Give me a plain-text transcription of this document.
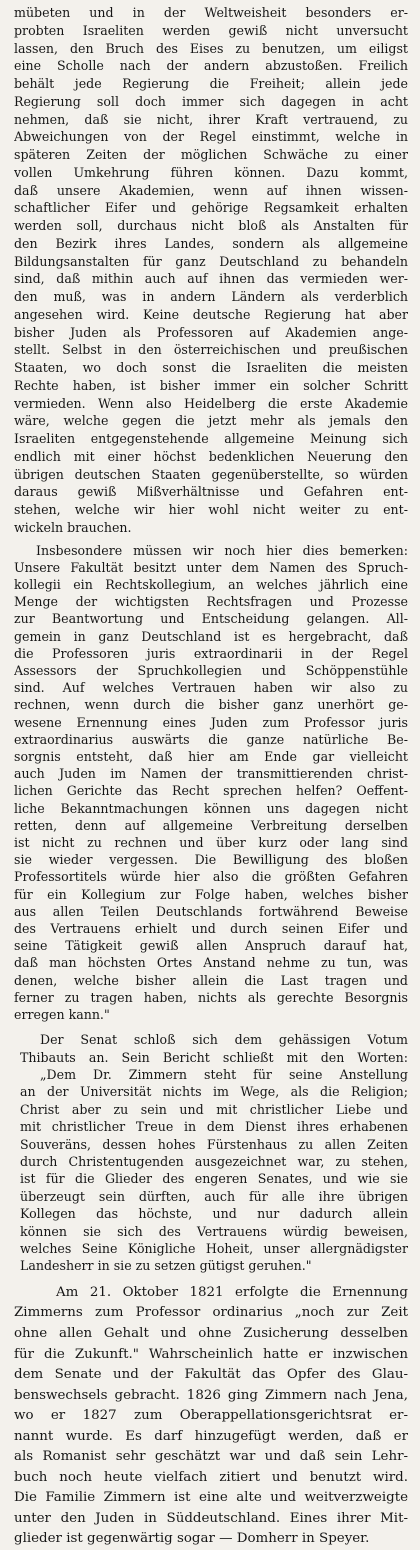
mübeten und in der Weltweisheit besonders er-
probten Israeliten werden gewiß nicht unversucht
lassen, den Bruch des Eises zu benutzen, um eiligst
eine Scholle nach der andern abzustoßen. Freilich
behält jede Regierung die Freiheit; allein jede
Regierung soll doch immer sich dagegen in acht
nehmen, daß sie nicht, ihrer Kraft vertrauend, zu
Abweichungen von der Regel einstimmt, welche in
späteren Zeiten der möglichen Schwäche zu einer
vollen Umkehrung führen können. Dazu kommt,
daß unsere Akademien, wenn auf ihnen wissen-
schaftlicher Eifer und gehörige Regsamkeit erhalten
werden soll, durchaus nicht bloß als Anstalten für
den Bezirk ihres Landes, sondern als allgemeine
Bildungsanstalten für ganz Deutschland zu behandeln
sind, daß mithin auch auf ihnen das vermieden wer-
den muß, was in andern Ländern als verderblich
angesehen wird. Keine deutsche Regierung hat aber
bisher Juden als Professoren auf Akademien ange-
stellt. Selbst in den österreichischen und preußischen
Staaten, wo doch sonst die Israeliten die meisten
Rechte haben, ist bisher immer ein solcher Schritt
vermieden. Wenn also Heidelberg die erste Akademie
wäre, welche gegen die jetzt mehr als jemals den
Israeliten entgegenstehende allgemeine Meinung sich
endlich mit einer höchst bedenklichen Neuerung den
übrigen deutschen Staaten gegenüberstellte, so würden
daraus gewiß Mißverhältnisse und Gefahren ent-
stehen, welche wir hier wohl nicht weiter zu ent-
wickeln brauchen.
Insbesondere müssen wir noch hier dies bemerken:
Unsere Fakultät besitzt unter dem Namen des Spruch-
kollegii ein Rechtskollegium, an welches jährlich eine
Menge der wichtigsten Rechtsfragen und Prozesse
zur Beantwortung und Entscheidung gelangen. All-
gemein in ganz Deutschland ist es hergebracht, daß
die Professoren juris extraordinarii in der Regel
Assessors der Spruchkollegien und Schöppenstühle
sind. Auf welches Vertrauen haben wir also zu
rechnen, wenn durch die bisher ganz unerhört ge-
wesene Ernennung eines Juden zum Professor juris
extraordinarius auswärts die ganze natürliche Be-
sorgnis entsteht, daß hier am Ende gar vielleicht
auch Juden im Namen der transmittierenden christ-
lichen Gerichte das Recht sprechen helfen? Oeffent-
liche Bekanntmachungen können uns dagegen nicht
retten, denn auf allgemeine Verbreitung derselben
ist nicht zu rechnen und über kurz oder lang sind
sie wieder vergessen. Die Bewilligung des bloßen
Professortitels würde hier also die größten Gefahren
für ein Kollegium zur Folge haben, welches bisher
aus allen Teilen Deutschlands fortwährend Beweise
des Vertrauens erhielt und durch seinen Eifer und
seine Tätigkeit gewiß allen Anspruch darauf hat,
daß man höchsten Ortes Anstand nehme zu tun, was
denen, welche bisher allein die Last tragen und
ferner zu tragen haben, nichts als gerechte Besorgnis
erregen kann."
Der Senat schloß sich dem gehässigen Votum
Thibauts an. Sein Bericht schließt mit den Worten:
„Dem Dr. Zimmern steht für seine Anstellung
an der Universität nichts im Wege, als die Religion;
Christ aber zu sein und mit christlicher Liebe und
mit christlicher Treue in dem Dienst ihres erhabenen
Souveräns, dessen hohes Fürstenhaus zu allen Zeiten
durch Christentugenden ausgezeichnet war, zu stehen,
ist für die Glieder des engeren Senates, und wie sie
überzeugt sein dürften, auch für alle ihre übrigen
Kollegen das höchste, und nur dadurch allein
können sie sich des Vertrauens würdig beweisen,
welches Seine Königliche Hoheit, unser allergnädigster
Landesherr in sie zu setzen gütigst geruhen."
Am 21. Oktober 1821 erfolgte die Ernennung
Zimmerns zum Professor ordinarius „noch zur Zeit
ohne allen Gehalt und ohne Zusicherung desselben
für die Zukunft." Wahrscheinlich hatte er inzwischen
dem Senate und der Fakultät das Opfer des Glau-
benswechsels gebracht. 1826 ging Zimmern nach Jena,
wo er 1827 zum Oberappellationsgerichtsrat er-
nannt wurde. Es darf hinzugefügt werden, daß er
als Romanist sehr geschätzt war und daß sein Lehr-
buch noch heute vielfach zitiert und benutzt wird.
Die Familie Zimmern ist eine alte und weitverzweigte
unter den Juden in Süddeutschland. Eines ihrer Mit-
glieder ist gegenwärtig sogar — Domherr in Speyer.
